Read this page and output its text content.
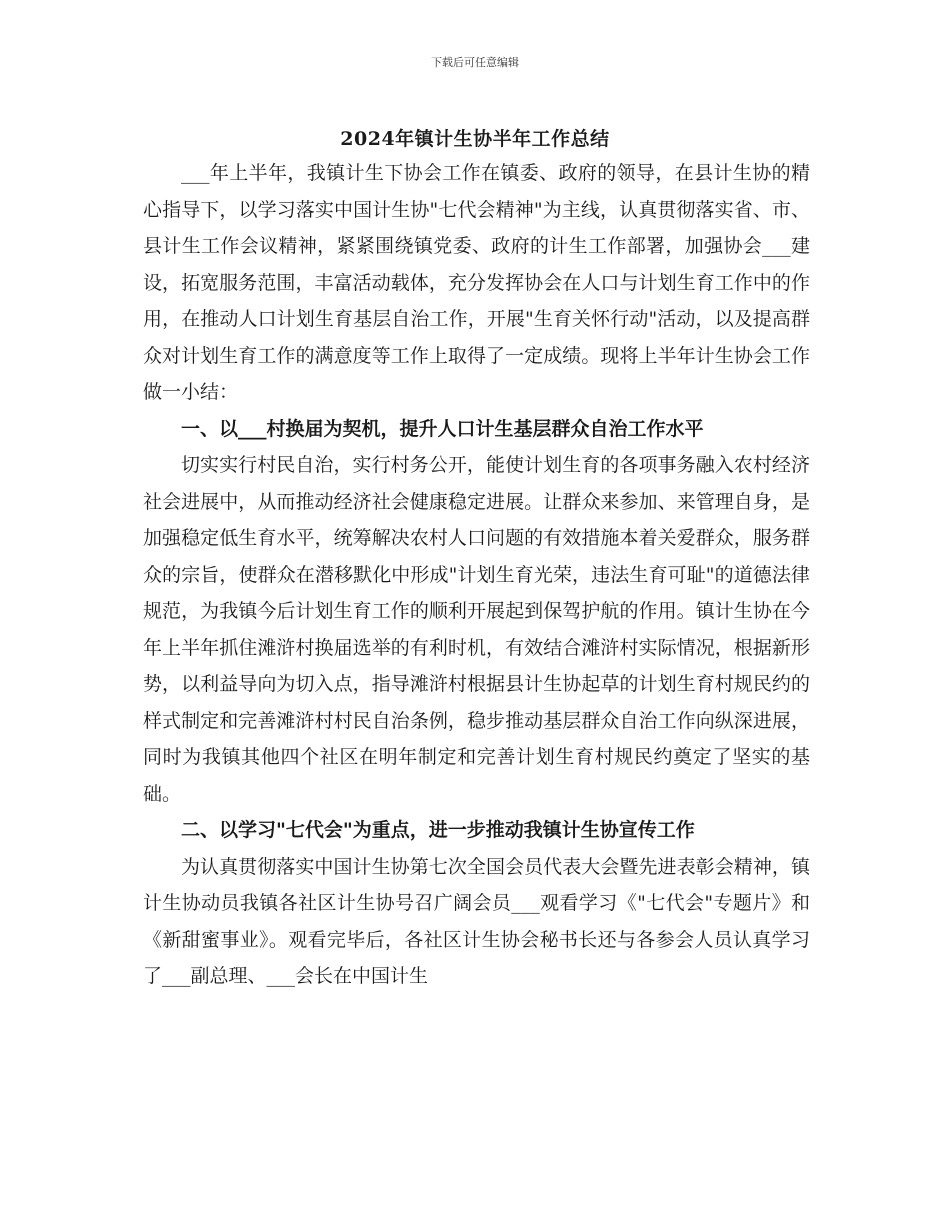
下载后可任意编辑
2024年镇计生协半年工作总结

___年上半年，我镇计生下协会工作在镇委、政府的领导，在县计生协的精心指导下，以学习落实中国计生协"七代会精神"为主线，认真贯彻落实省、市、县计生工作会议精神，紧紧围绕镇党委、政府的计生工作部署，加强协会___建设，拓宽服务范围，丰富活动载体，充分发挥协会在人口与计划生育工作中的作用，在推动人口计划生育基层自治工作，开展"生育关怀行动"活动，以及提高群众对计划生育工作的满意度等工作上取得了一定成绩。现将上半年计生协会工作做一小结：

一、以___村换届为契机，提升人口计生基层群众自治工作水平

切实实行村民自治，实行村务公开，能使计划生育的各项事务融入农村经济社会进展中，从而推动经济社会健康稳定进展。让群众来参加、来管理自身，是加强稳定低生育水平，统筹解决农村人口问题的有效措施本着关爱群众，服务群众的宗旨，使群众在潜移默化中形成"计划生育光荣，违法生育可耻"的道德法律规范，为我镇今后计划生育工作的顺利开展起到保驾护航的作用。镇计生协在今年上半年抓住滩浒村换届选举的有利时机，有效结合滩浒村实际情况，根据新形势，以利益导向为切入点，指导滩浒村根据县计生协起草的计划生育村规民约的样式制定和完善滩浒村村民自治条例，稳步推动基层群众自治工作向纵深进展，同时为我镇其他四个社区在明年制定和完善计划生育村规民约奠定了坚实的基础。

二、以学习"七代会"为重点，进一步推动我镇计生协宣传工作

为认真贯彻落实中国计生协第七次全国会员代表大会暨先进表彰会精神，镇计生协动员我镇各社区计生协号召广阔会员___观看学习《"七代会"专题片》和《新甜蜜事业》。观看完毕后，各社区计生协会秘书长还与各参会人员认真学习了___副总理、___会长在中国计生
